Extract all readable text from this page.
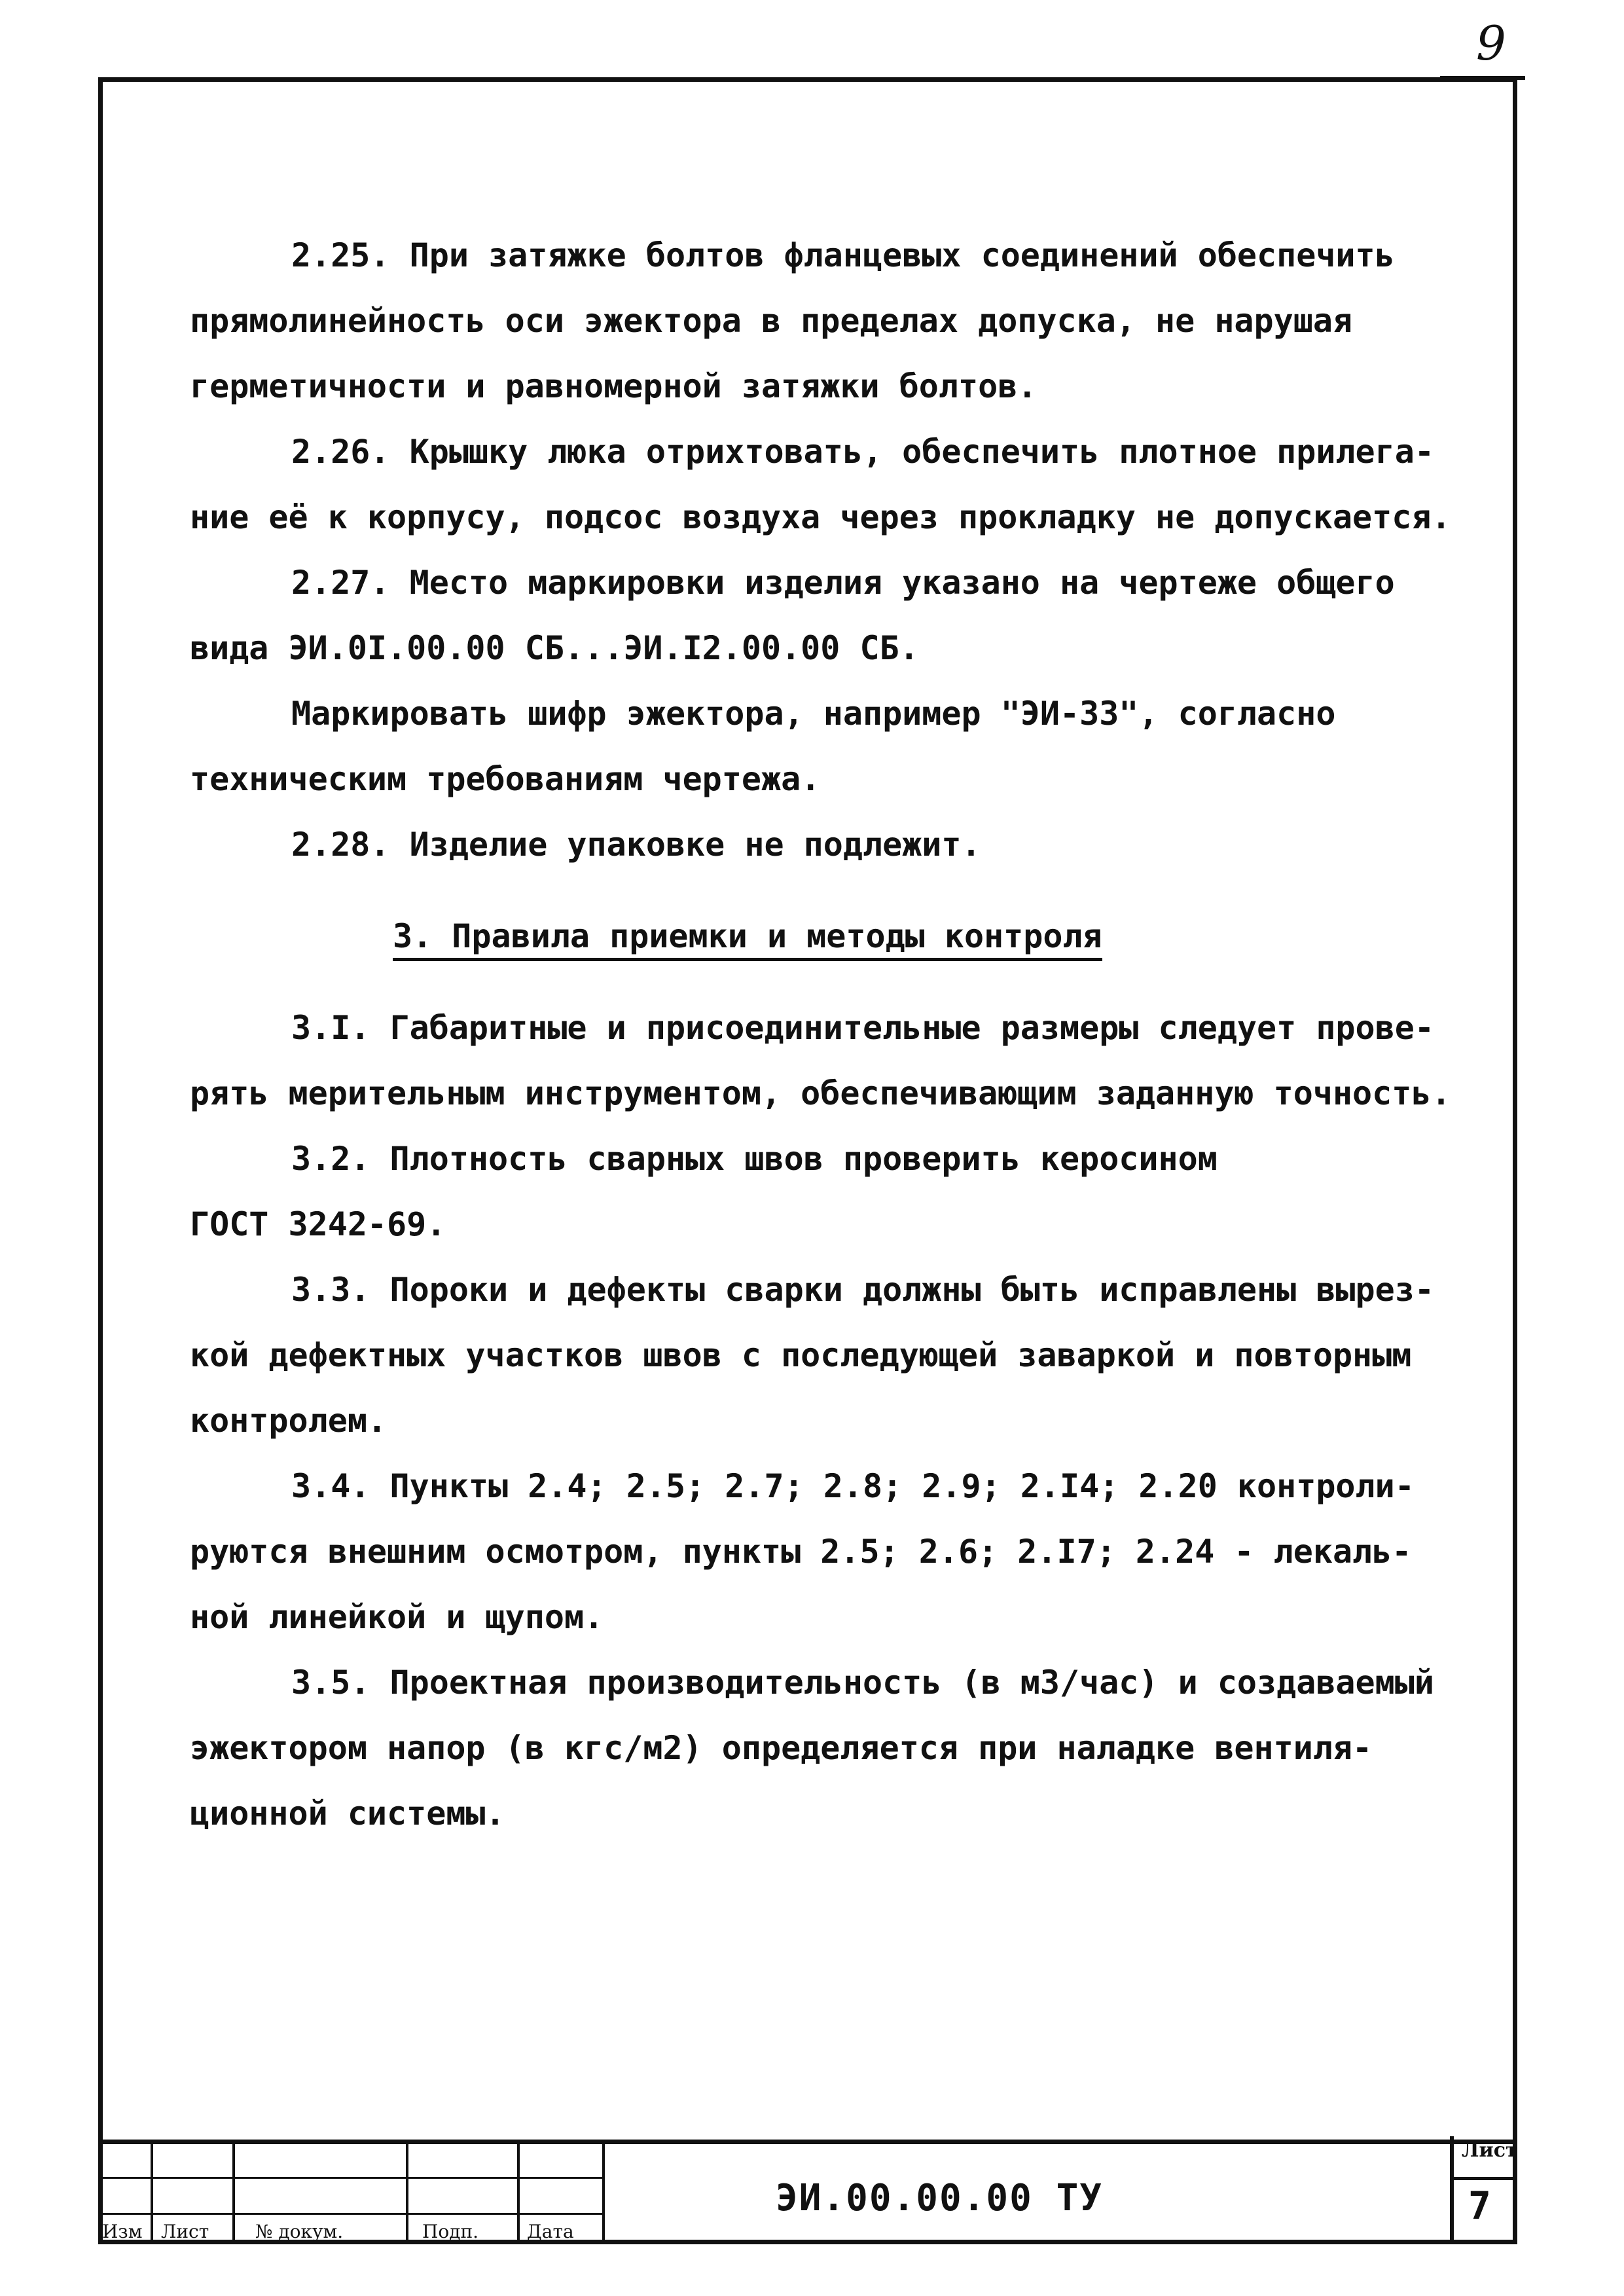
9
2.25. При затяжке болтов фланцевых соединений обеспечить
прямолинейность оси эжектора в пределах допуска, не нарушая
герметичности и равномерной затяжки болтов.
2.26. Крышку люка отрихтовать, обеспечить плотное прилега-
ние её к корпусу, подсос воздуха через прокладку не допускается.
2.27. Место маркировки изделия указано на чертеже общего
вида ЭИ.0I.00.00 СБ...ЭИ.I2.00.00 СБ.
Маркировать шифр эжектора, например "ЭИ-33", согласно
техническим требованиям чертежа.
2.28. Изделие упаковке не подлежит.
3. Правила приемки и методы контроля
3.I. Габаритные и присоединительные размеры следует прове-
рять мерительным инструментом, обеспечивающим заданную точность.
3.2. Плотность сварных швов проверить керосином
ГОСТ 3242-69.
3.3. Пороки и дефекты сварки должны быть исправлены вырез-
кой дефектных участков швов с последующей заваркой и повторным
контролем.
3.4. Пункты 2.4; 2.5; 2.7; 2.8; 2.9; 2.I4; 2.20 контроли-
руются внешним осмотром, пункты 2.5; 2.6; 2.I7; 2.24 - лекаль-
ной линейкой и щупом.
3.5. Проектная производительность (в м3/час) и создаваемый
эжектором напор (в кгс/м2) определяется при наладке вентиля-
ционной системы.
Изм Лист	№ докум.	Подп.	Дата
ЭИ.00.00.00 ТУ
Лист
7
